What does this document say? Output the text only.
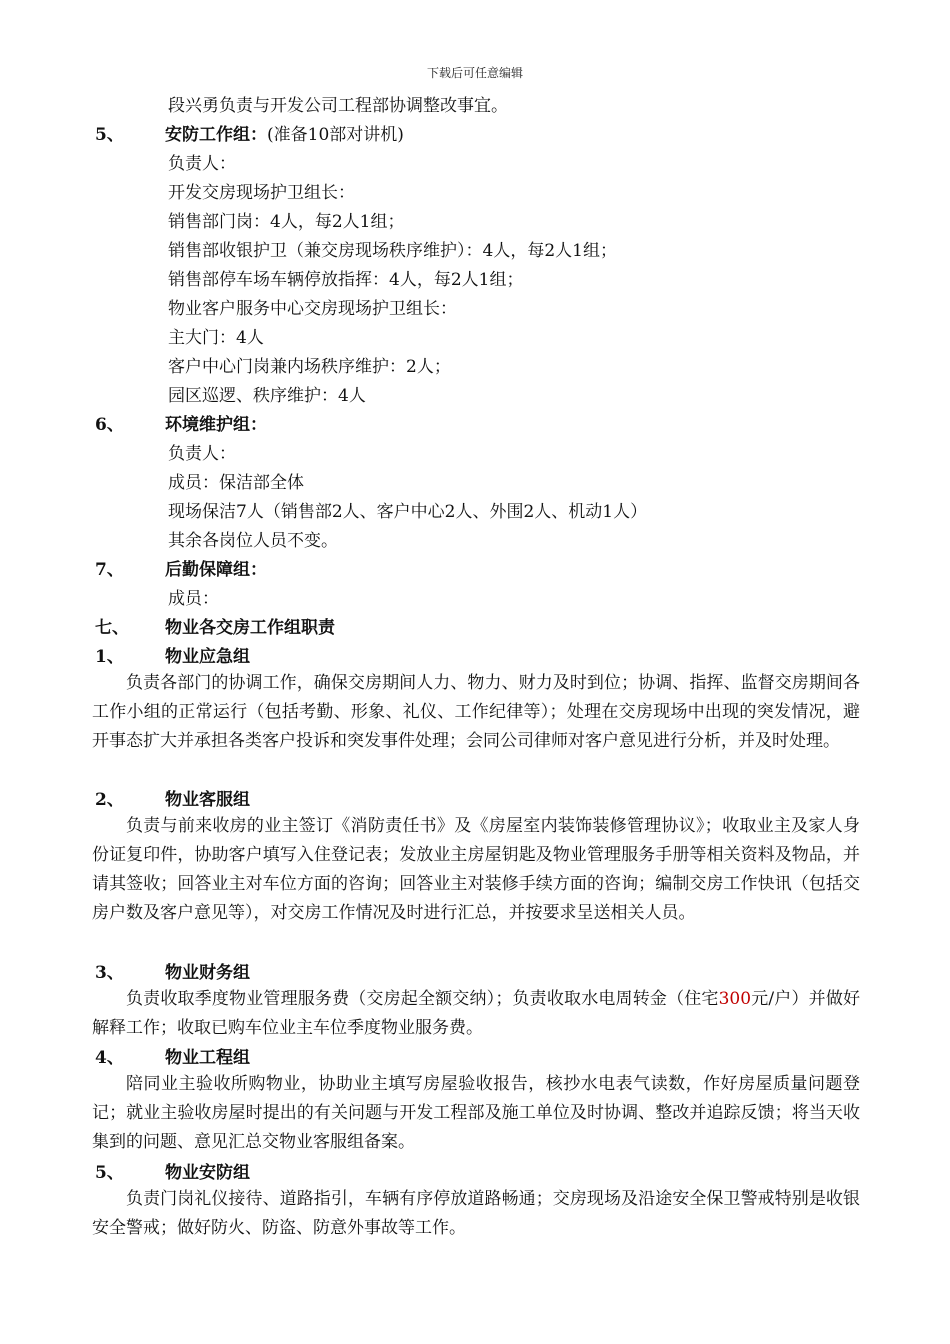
下载后可任意编辑
段兴勇负责与开发公司工程部协调整改事宜。
5、 安防工作组：(准备10部对讲机)
负责人：
开发交房现场护卫组长：
销售部门岗：4人，每2人1组；
销售部收银护卫（兼交房现场秩序维护）：4人，每2人1组；
销售部停车场车辆停放指挥：4人，每2人1组；
物业客户服务中心交房现场护卫组长：
主大门：4人
客户中心门岗兼内场秩序维护：2人；
园区巡逻、秩序维护：4人
6、 环境维护组：
负责人：
成员：保洁部全体
现场保洁7人（销售部2人、客户中心2人、外围2人、机动1人）
其余各岗位人员不变。
7、 后勤保障组：
成员：
七、 物业各交房工作组职责
1、 物业应急组

负责各部门的协调工作，确保交房期间人力、物力、财力及时到位；协调、指挥、监督交房期间各工作小组的正常运行（包括考勤、形象、礼仪、工作纪律等）；处理在交房现场中出现的突发情况，避开事态扩大并承担各类客户投诉和突发事件处理；会同公司律师对客户意见进行分析，并及时处理。

2、 物业客服组

负责与前来收房的业主签订《消防责任书》及《房屋室内装饰装修管理协议》；收取业主及家人身份证复印件，协助客户填写入住登记表；发放业主房屋钥匙及物业管理服务手册等相关资料及物品，并请其签收；回答业主对车位方面的咨询；回答业主对装修手续方面的咨询；编制交房工作快讯（包括交房户数及客户意见等），对交房工作情况及时进行汇总，并按要求呈送相关人员。

3、 物业财务组

负责收取季度物业管理服务费（交房起全额交纳）；负责收取水电周转金（住宅300元/户）并做好解释工作；收取已购车位业主车位季度物业服务费。

4、 物业工程组

陪同业主验收所购物业，协助业主填写房屋验收报告，核抄水电表气读数，作好房屋质量问题登记；就业主验收房屋时提出的有关问题与开发工程部及施工单位及时协调、整改并追踪反馈；将当天收集到的问题、意见汇总交物业客服组备案。

5、 物业安防组

负责门岗礼仪接待、道路指引，车辆有序停放道路畅通；交房现场及沿途安全保卫警戒特别是收银安全警戒；做好防火、防盗、防意外事故等工作。
